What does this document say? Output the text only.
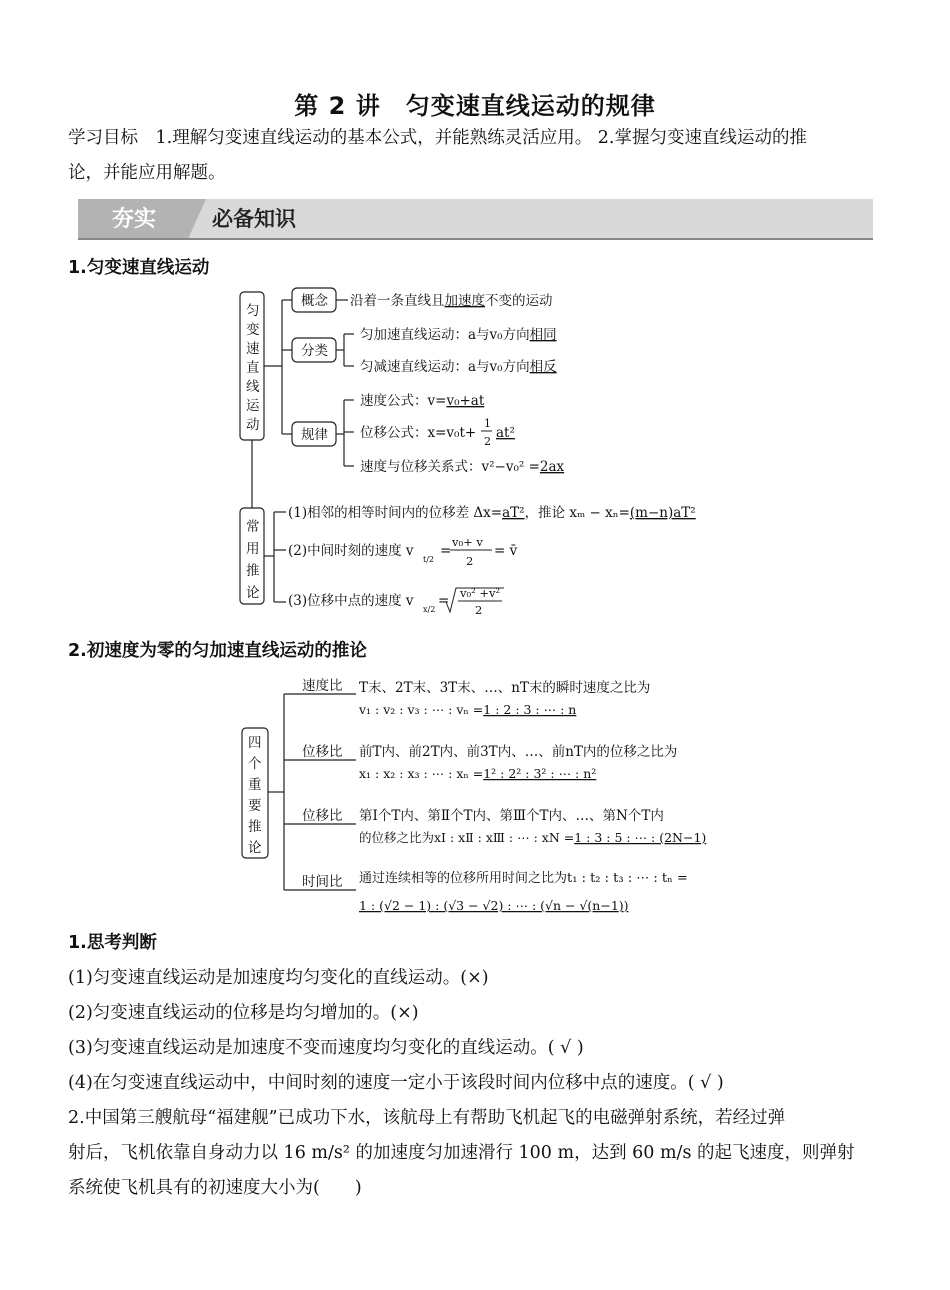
第 2 讲　匀变速直线运动的规律
学习目标　 1.理解匀变速直线运动的基本公式，并能熟练灵活应用。 2.掌握匀变速直线运动的推
论，并能应用解题。
夯实	必备知识
1.匀变速直线运动
匀
变
速
直
线
运
动
概念
分类
规律
沿着一条直线且加速度不变的运动
匀加速直线运动：a与v₀方向相同
匀减速直线运动：a与v₀方向相反
速度公式：v=v₀+at
位移公式：x=v₀t+
1
2
at²
速度与位移关系式：v²−v₀² =2ax
常
用
推
论
(1)相邻的相等时间内的位移差 Δx=aT²，推论 xₘ − xₙ=(m−n)aT²
(2)中间时刻的速度 v
t/2
=
v₀+ v
2
= v̄
(3)位移中点的速度 v
x/2
= v₀² +v²
2
2.初速度为零的匀加速直线运动的推论
四
个
重
要
推
论
速度比 T末、2T末、3T末、…、nT末的瞬时速度之比为
v₁ : v₂ : v₃ : ⋯ : vₙ =1 : 2 : 3 : ⋯ : n
位移比 前T内、前2T内、前3T内、…、前nT内的位移之比为
x₁ : x₂ : x₃ : ⋯ : xₙ =1² : 2² : 3² : ⋯ : n²
位移比 第Ⅰ个T内、第Ⅱ个T内、第Ⅲ个T内、…、第N个T内
的位移之比为xⅠ : xⅡ : xⅢ : ⋯ : xN =1 : 3 : 5 : ⋯ : (2N−1)
时间比 通过连续相等的位移所用时间之比为t₁ : t₂ : t₃ : ⋯ : tₙ =
1 : (√2 − 1) : (√3 − √2) : ⋯ : (√n − √(n−1))
1.思考判断
(1)匀变速直线运动是加速度均匀变化的直线运动。(×)
(2)匀变速直线运动的位移是均匀增加的。(×)
(3)匀变速直线运动是加速度不变而速度均匀变化的直线运动。( √ )
(4)在匀变速直线运动中，中间时刻的速度一定小于该段时间内位移中点的速度。( √ )
2.中国第三艘航母“福建舰”已成功下水，该航母上有帮助飞机起飞的电磁弹射系统，若经过弹
射后，飞机依靠自身动力以 16 m/s² 的加速度匀加速滑行 100 m，达到 60 m/s 的起飞速度，则弹射
系统使飞机具有的初速度大小为(　　)
